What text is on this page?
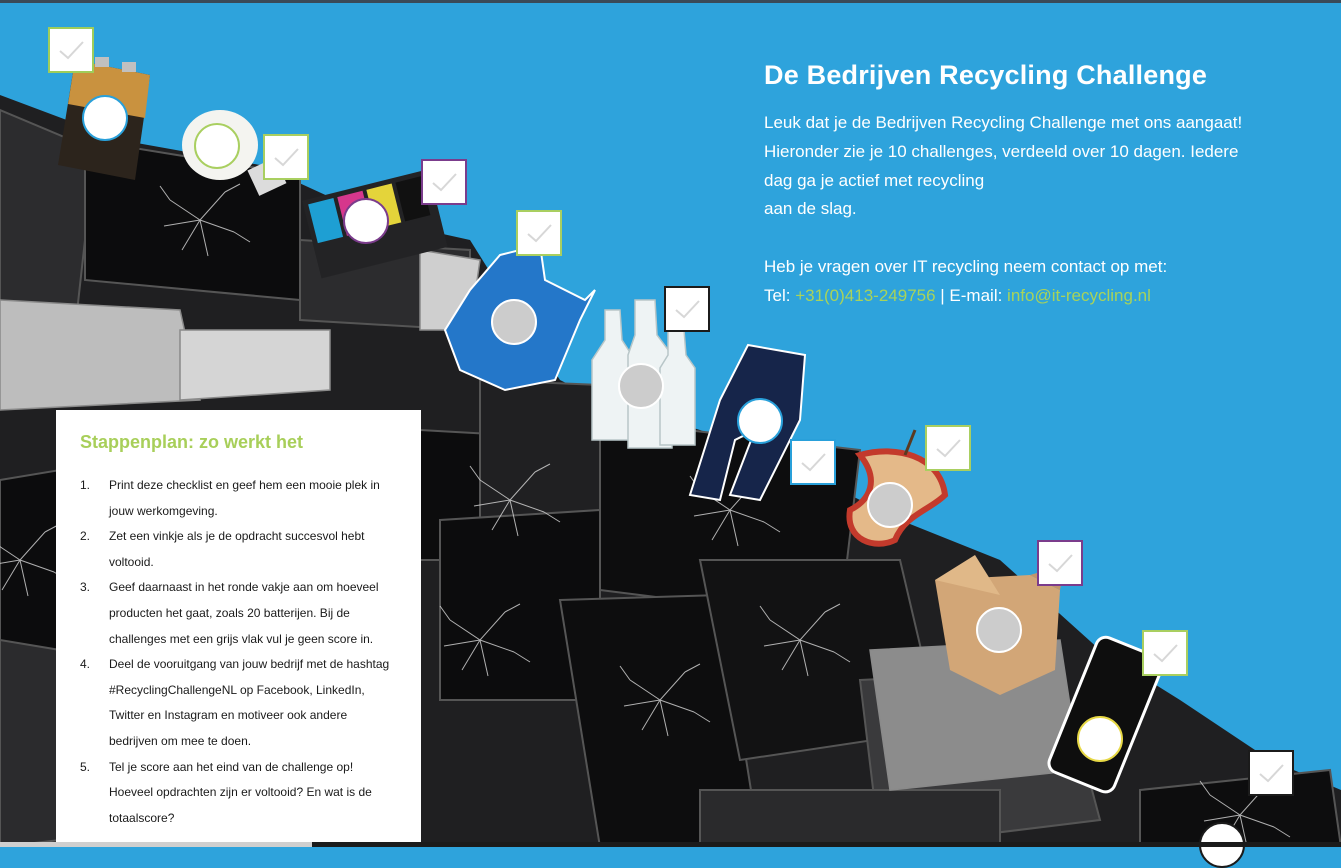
De Bedrijven Recycling Challenge

Leuk dat je de Bedrijven Recycling Challenge met ons aangaat!
Hieronder zie je 10 challenges, verdeeld over 10 dagen. Iedere
dag ga je actief met recycling
aan de slag.

Heb je vragen over IT recycling neem contact op met:
Tel: +31(0)413-249756 | E-mail: info@it-recycling.nl

Stappenplan: zo werkt het
1. Print deze checklist en geef hem een mooie plek in jouw werkomgeving.
2. Zet een vinkje als je de opdracht succesvol hebt voltooid.
3. Geef daarnaast in het ronde vakje aan om hoeveel producten het gaat, zoals 20 batterijen. Bij de challenges met een grijs vlak vul je geen score in.
4. Deel de vooruitgang van jouw bedrijf met de hashtag #RecyclingChallengeNL op Facebook, LinkedIn, Twitter en Instagram en motiveer ook andere bedrijven om mee te doen.
5. Tel je score aan het eind van de challenge op! Hoeveel opdrachten zijn er voltooid? En wat is de totaalscore?
